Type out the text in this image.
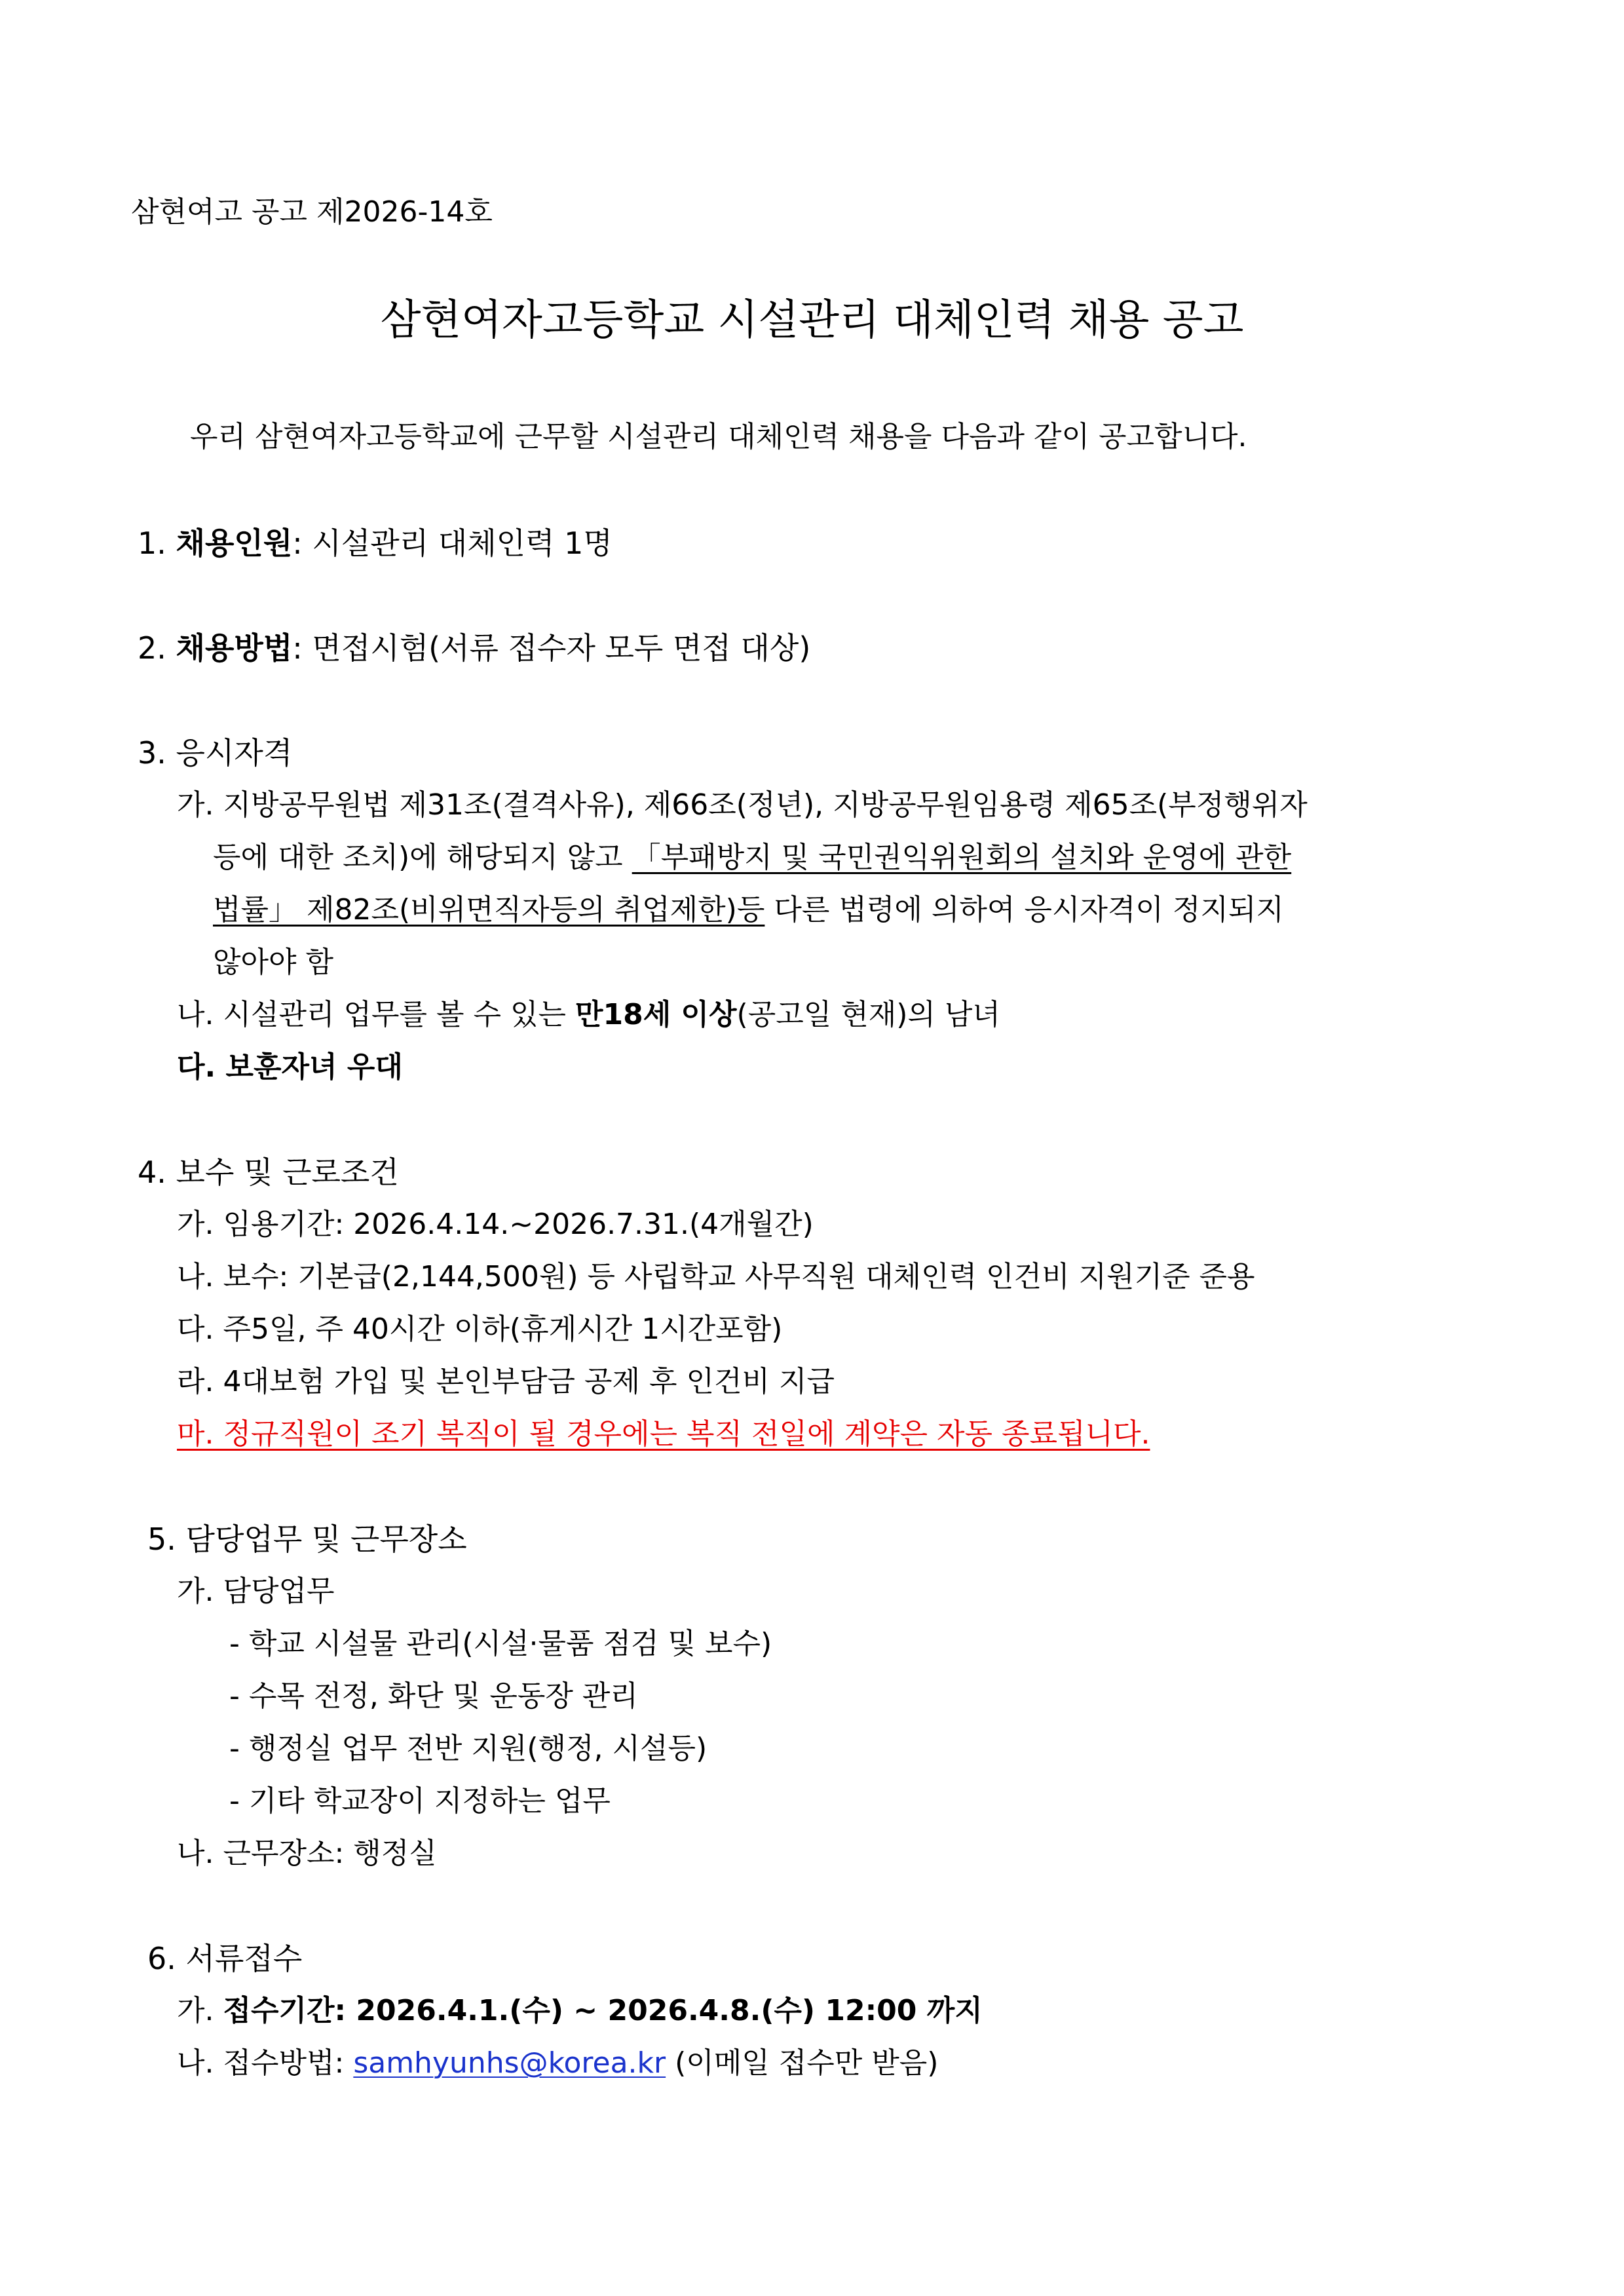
삼현여고 공고 제2026-14호
삼현여자고등학교 시설관리 대체인력 채용 공고
우리 삼현여자고등학교에 근무할 시설관리 대체인력 채용을 다음과 같이 공고합니다.
1. 채용인원: 시설관리 대체인력 1명
2. 채용방법: 면접시험(서류 접수자 모두 면접 대상)
3. 응시자격
가. 지방공무원법 제31조(결격사유), 제66조(정년), 지방공무원임용령 제65조(부정행위자
등에 대한 조치)에 해당되지 않고 「부패방지 및 국민권익위원회의 설치와 운영에 관한
법률」 제82조(비위면직자등의 취업제한)등 다른 법령에 의하여 응시자격이 정지되지
않아야 함
나. 시설관리 업무를 볼 수 있는 만18세 이상(공고일 현재)의 남녀
다. 보훈자녀 우대
4. 보수 및 근로조건
가. 임용기간: 2026.4.14.~2026.7.31.(4개월간)
나. 보수: 기본급(2,144,500원) 등 사립학교 사무직원 대체인력 인건비 지원기준 준용
다. 주5일, 주 40시간 이하(휴게시간 1시간포함)
라. 4대보험 가입 및 본인부담금 공제 후 인건비 지급
마. 정규직원이 조기 복직이 될 경우에는 복직 전일에 계약은 자동 종료됩니다.
5. 담당업무 및 근무장소
가. 담당업무
- 학교 시설물 관리(시설·물품 점검 및 보수)
- 수목 전정, 화단 및 운동장 관리
- 행정실 업무 전반 지원(행정, 시설등)
- 기타 학교장이 지정하는 업무
나. 근무장소: 행정실
6. 서류접수
가. 접수기간: 2026.4.1.(수) ~ 2026.4.8.(수) 12:00 까지
나. 접수방법: samhyunhs@korea.kr (이메일 접수만 받음)
